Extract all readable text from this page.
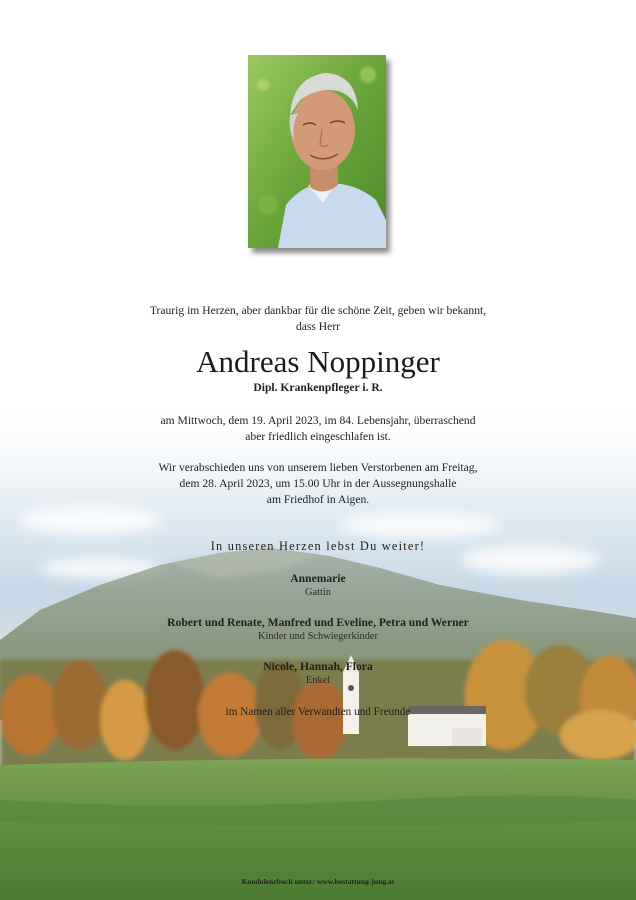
Traurig im Herzen, aber dankbar für die schöne Zeit, geben wir bekannt,
dass Herr
Andreas Noppinger
Dipl. Krankenpfleger i. R.
am Mittwoch, dem 19. April 2023, im 84. Lebensjahr, überraschend
aber friedlich eingeschlafen ist.
Wir verabschieden uns von unserem lieben Verstorbenen am Freitag,
dem 28. April 2023, um 15.00 Uhr in der Aussegnungshalle
am Friedhof in Aigen.
In unseren Herzen lebst Du weiter!
Annemarie
Gattin
Robert und Renate, Manfred und Eveline, Petra und Werner
Kinder und Schwiegerkinder
Nicole, Hannah, Flora
Enkel
im Namen aller Verwandten und Freunde
Kondolenzbuch unter: www.bestattung-jung.at
